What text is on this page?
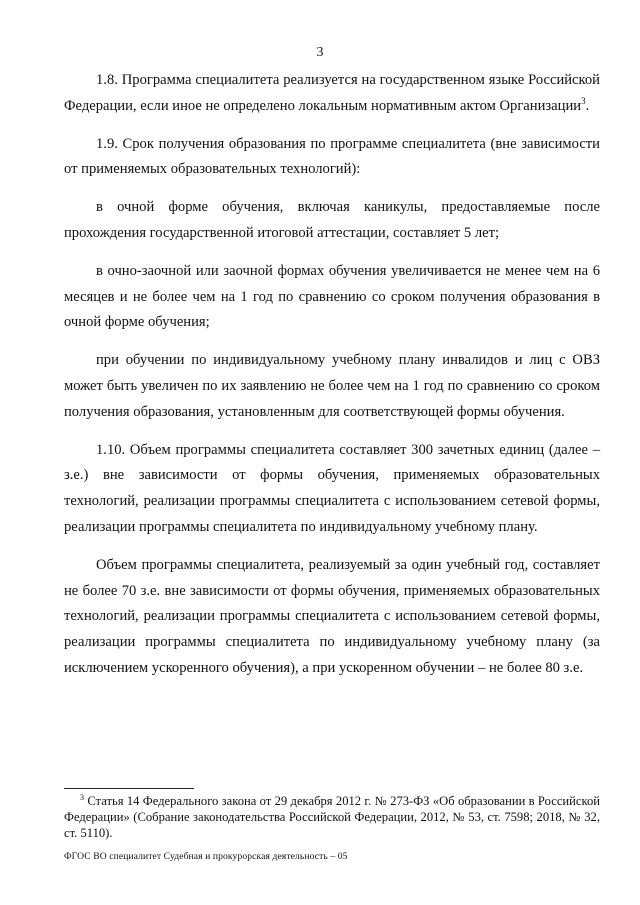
3

1.8. Программа специалитета реализуется на государственном языке Российской Федерации, если иное не определено локальным нормативным актом Организации$^3$.

1.9. Срок получения образования по программе специалитета (вне зависимости от применяемых образовательных технологий):

в очной форме обучения, включая каникулы, предоставляемые после прохождения государственной итоговой аттестации, составляет 5 лет;

в очно-заочной или заочной формах обучения увеличивается не менее чем на 6 месяцев и не более чем на 1 год по сравнению со сроком получения образования в очной форме обучения;

при обучении по индивидуальному учебному плану инвалидов и лиц с ОВЗ может быть увеличен по их заявлению не более чем на 1 год по сравнению со сроком получения образования, установленным для соответствующей формы обучения.

1.10. Объем программы специалитета составляет 300 зачетных единиц (далее – з.е.) вне зависимости от формы обучения, применяемых образовательных технологий, реализации программы специалитета с использованием сетевой формы, реализации программы специалитета по индивидуальному учебному плану.

Объем программы специалитета, реализуемый за один учебный год, составляет не более 70 з.е. вне зависимости от формы обучения, применяемых образовательных технологий, реализации программы специалитета с использованием сетевой формы, реализации программы специалитета по индивидуальному учебному плану (за исключением ускоренного обучения), а при ускоренном обучении – не более 80 з.е.

$^3$ Статья 14 Федерального закона от 29 декабря 2012 г. № 273-ФЗ «Об образовании в Российской Федерации» (Собрание законодательства Российской Федерации, 2012, № 53, ст. 7598; 2018, № 32, ст. 5110).

ФГОС ВО специалитет Судебная и прокурорская деятельность – 05
